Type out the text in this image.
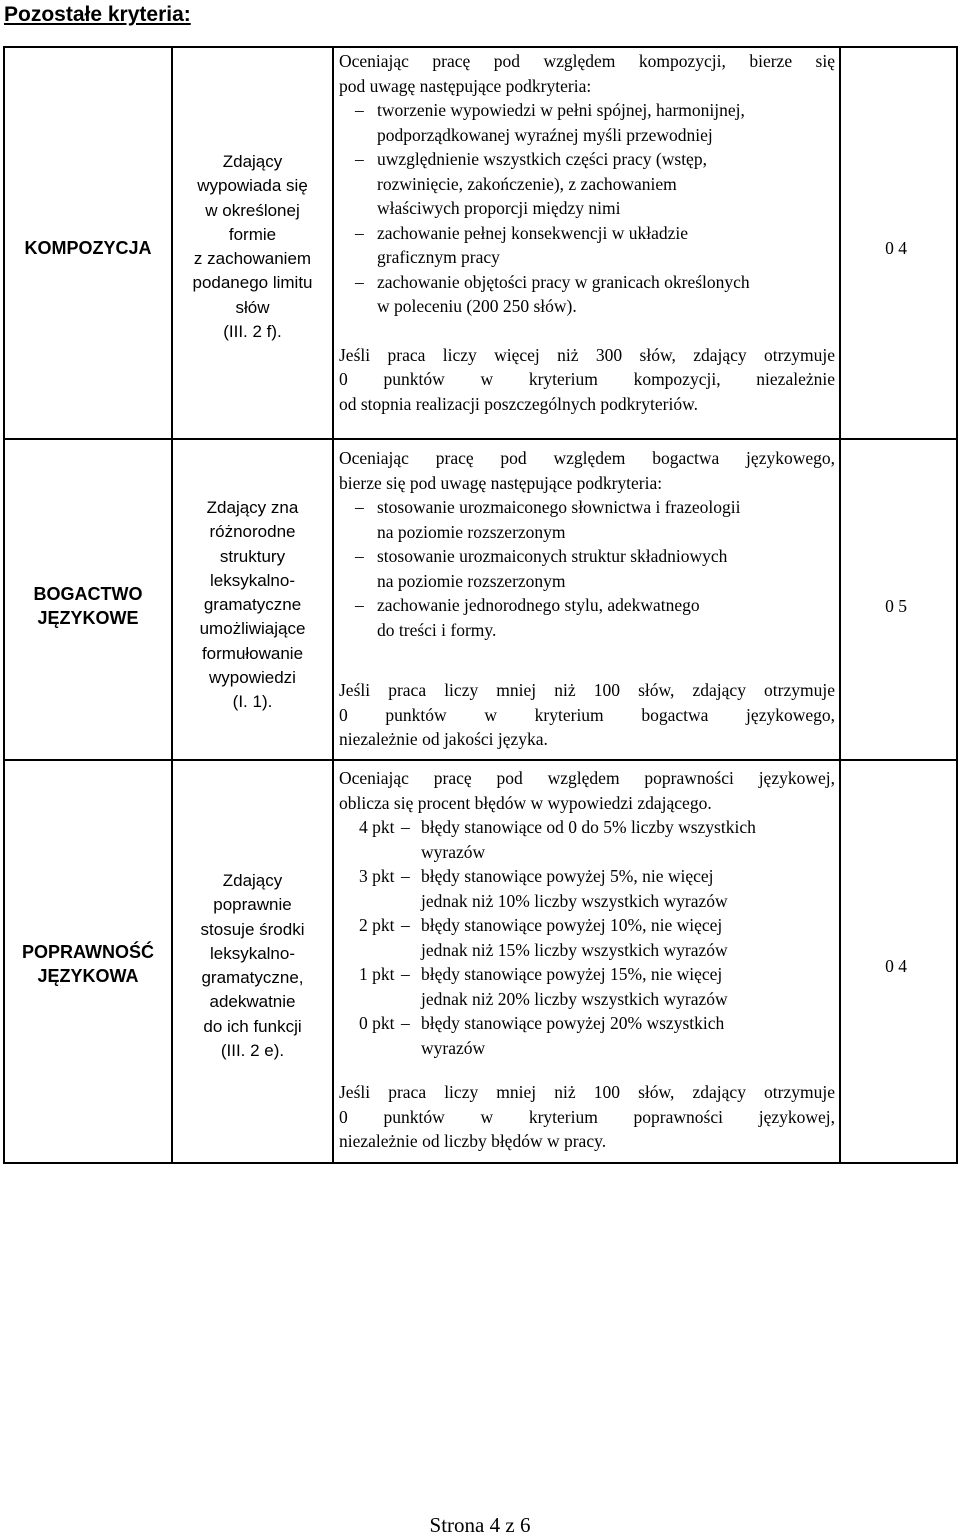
Pozostałe kryteria:
KOMPOZYCJA
Zdający
wypowiada się
w określonej
formie
z zachowaniem
podanego limitu
słów
(III. 2 f).

Oceniając pracę pod względem kompozycji, bierze się

pod uwagę następujące podkryteria:

– tworzenie wypowiedzi w pełni spójnej, harmonijnej,
podporządkowanej wyraźnej myśli przewodniej
– uwzględnienie wszystkich części pracy (wstęp,
rozwinięcie, zakończenie), z zachowaniem
właściwych proporcji między nimi
– zachowanie pełnej konsekwencji w układzie
graficznym pracy
– zachowanie objętości pracy w granicach określonych
w poleceniu (200 250 słów).

Jeśli praca liczy więcej niż 300 słów, zdający otrzymuje

0 punktów w kryterium kompozycji, niezależnie

od stopnia realizacji poszczególnych podkryteriów.

0 4
BOGACTWO
JĘZYKOWE
Zdający zna
różnorodne
struktury
leksykalno-
gramatyczne
umożliwiające
formułowanie
wypowiedzi
(I. 1).

Oceniając pracę pod względem bogactwa językowego,

bierze się pod uwagę następujące podkryteria:

– stosowanie urozmaiconego słownictwa i frazeologii
na poziomie rozszerzonym
– stosowanie urozmaiconych struktur składniowych
na poziomie rozszerzonym
– zachowanie jednorodnego stylu, adekwatnego
do treści i formy.

Jeśli praca liczy mniej niż 100 słów, zdający otrzymuje

0 punktów w kryterium bogactwa językowego,

niezależnie od jakości języka.

0 5
POPRAWNOŚĆ
JĘZYKOWA
Zdający
poprawnie
stosuje środki
leksykalno-
gramatyczne,
adekwatnie
do ich funkcji
(III. 2 e).

Oceniając pracę pod względem poprawności językowej,

oblicza się procent błędów w wypowiedzi zdającego.

4 pkt – błędy stanowiące od 0 do 5% liczby wszystkich
wyrazów
3 pkt – błędy stanowiące powyżej 5%, nie więcej
jednak niż 10% liczby wszystkich wyrazów
2 pkt – błędy stanowiące powyżej 10%, nie więcej
jednak niż 15% liczby wszystkich wyrazów
1 pkt – błędy stanowiące powyżej 15%, nie więcej
jednak niż 20% liczby wszystkich wyrazów
0 pkt – błędy stanowiące powyżej 20% wszystkich
wyrazów

Jeśli praca liczy mniej niż 100 słów, zdający otrzymuje

0 punktów w kryterium poprawności językowej,

niezależnie od liczby błędów w pracy.

0 4
Strona 4 z 6
